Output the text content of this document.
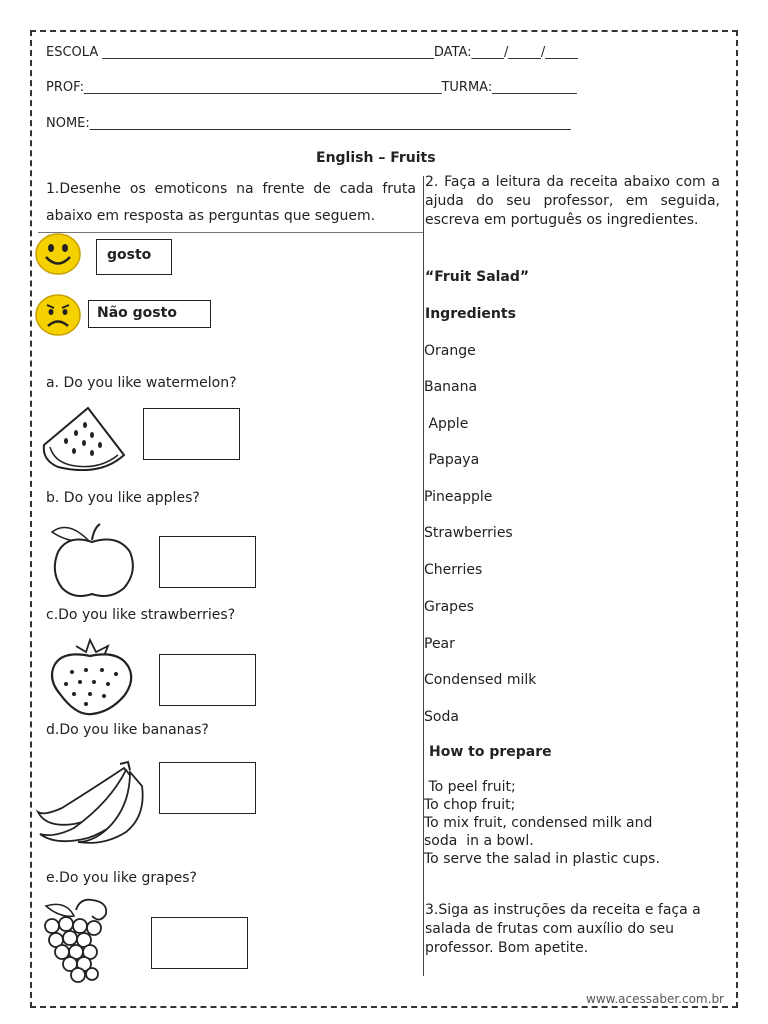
ESCOLA ___________________________________________________DATA:_____/_____/_____
PROF:_______________________________________________________TURMA:_____________
NOME:__________________________________________________________________________
English – Fruits
1.Desenhe os emoticons na frente de cada fruta abaixo em resposta as perguntas que seguem.
gosto
Não gosto
a. Do you like watermelon?
b. Do you like apples?
c.Do you like strawberries?
d.Do you like bananas?
e.Do you like grapes?
2. Faça a leitura da receita abaixo com a ajuda do seu professor, em seguida, escreva em português os ingredientes.
“Fruit Salad”
Ingredients
Orange
Banana
Apple
Papaya
Pineapple
Strawberries
Cherries
Grapes
Pear
Condensed milk
Soda
How to prepare
To peel fruit;
To chop fruit;
To mix fruit, condensed milk and
soda  in a bowl.
To serve the salad in plastic cups.
3.Siga as instruções da receita e faça a salada de frutas com auxílio do seu professor. Bom apetite.
www.acessaber.com.br
